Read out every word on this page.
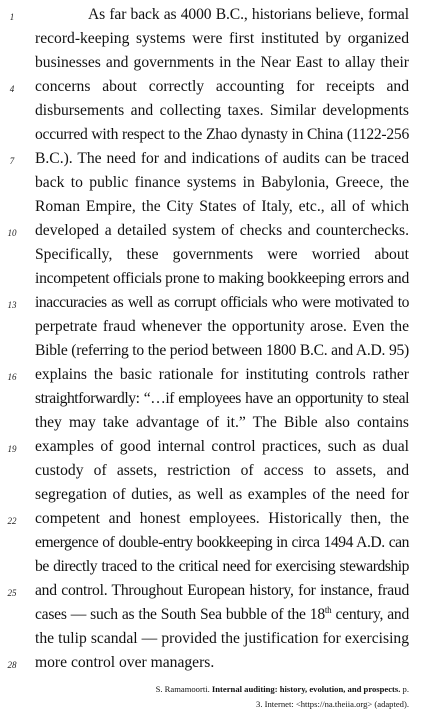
1	As far back as 4000 B.C., historians believe, formal
record-keeping systems were first instituted by organized
businesses and governments in the Near East to allay their
4	concerns about correctly accounting for receipts and
disbursements and collecting taxes. Similar developments
occurred with respect to the Zhao dynasty in China (1122-256
7	B.C.). The need for and indications of audits can be traced
back to public finance systems in Babylonia, Greece, the
Roman Empire, the City States of Italy, etc., all of which
10	developed a detailed system of checks and counterchecks.
Specifically, these governments were worried about
incompetent officials prone to making bookkeeping errors and
13	inaccuracies as well as corrupt officials who were motivated to
perpetrate fraud whenever the opportunity arose. Even the
Bible (referring to the period between 1800 B.C. and A.D. 95)
16	explains the basic rationale for instituting controls rather
straightforwardly: “…if employees have an opportunity to steal
they may take advantage of it.” The Bible also contains
19	examples of good internal control practices, such as dual
custody of assets, restriction of access to assets, and
segregation of duties, as well as examples of the need for
22	competent and honest employees. Historically then, the
emergence of double-entry bookkeeping in circa 1494 A.D. can
be directly traced to the critical need for exercising stewardship
25	and control. Throughout European history, for instance, fraud
cases — such as the South Sea bubble of the 18th century, and
the tulip scandal — provided the justification for exercising
28	more control over managers.
S. Ramamoorti. Internal auditing: history, evolution, and prospects. p. 3. Internet: <https://na.theiia.org> (adapted).
